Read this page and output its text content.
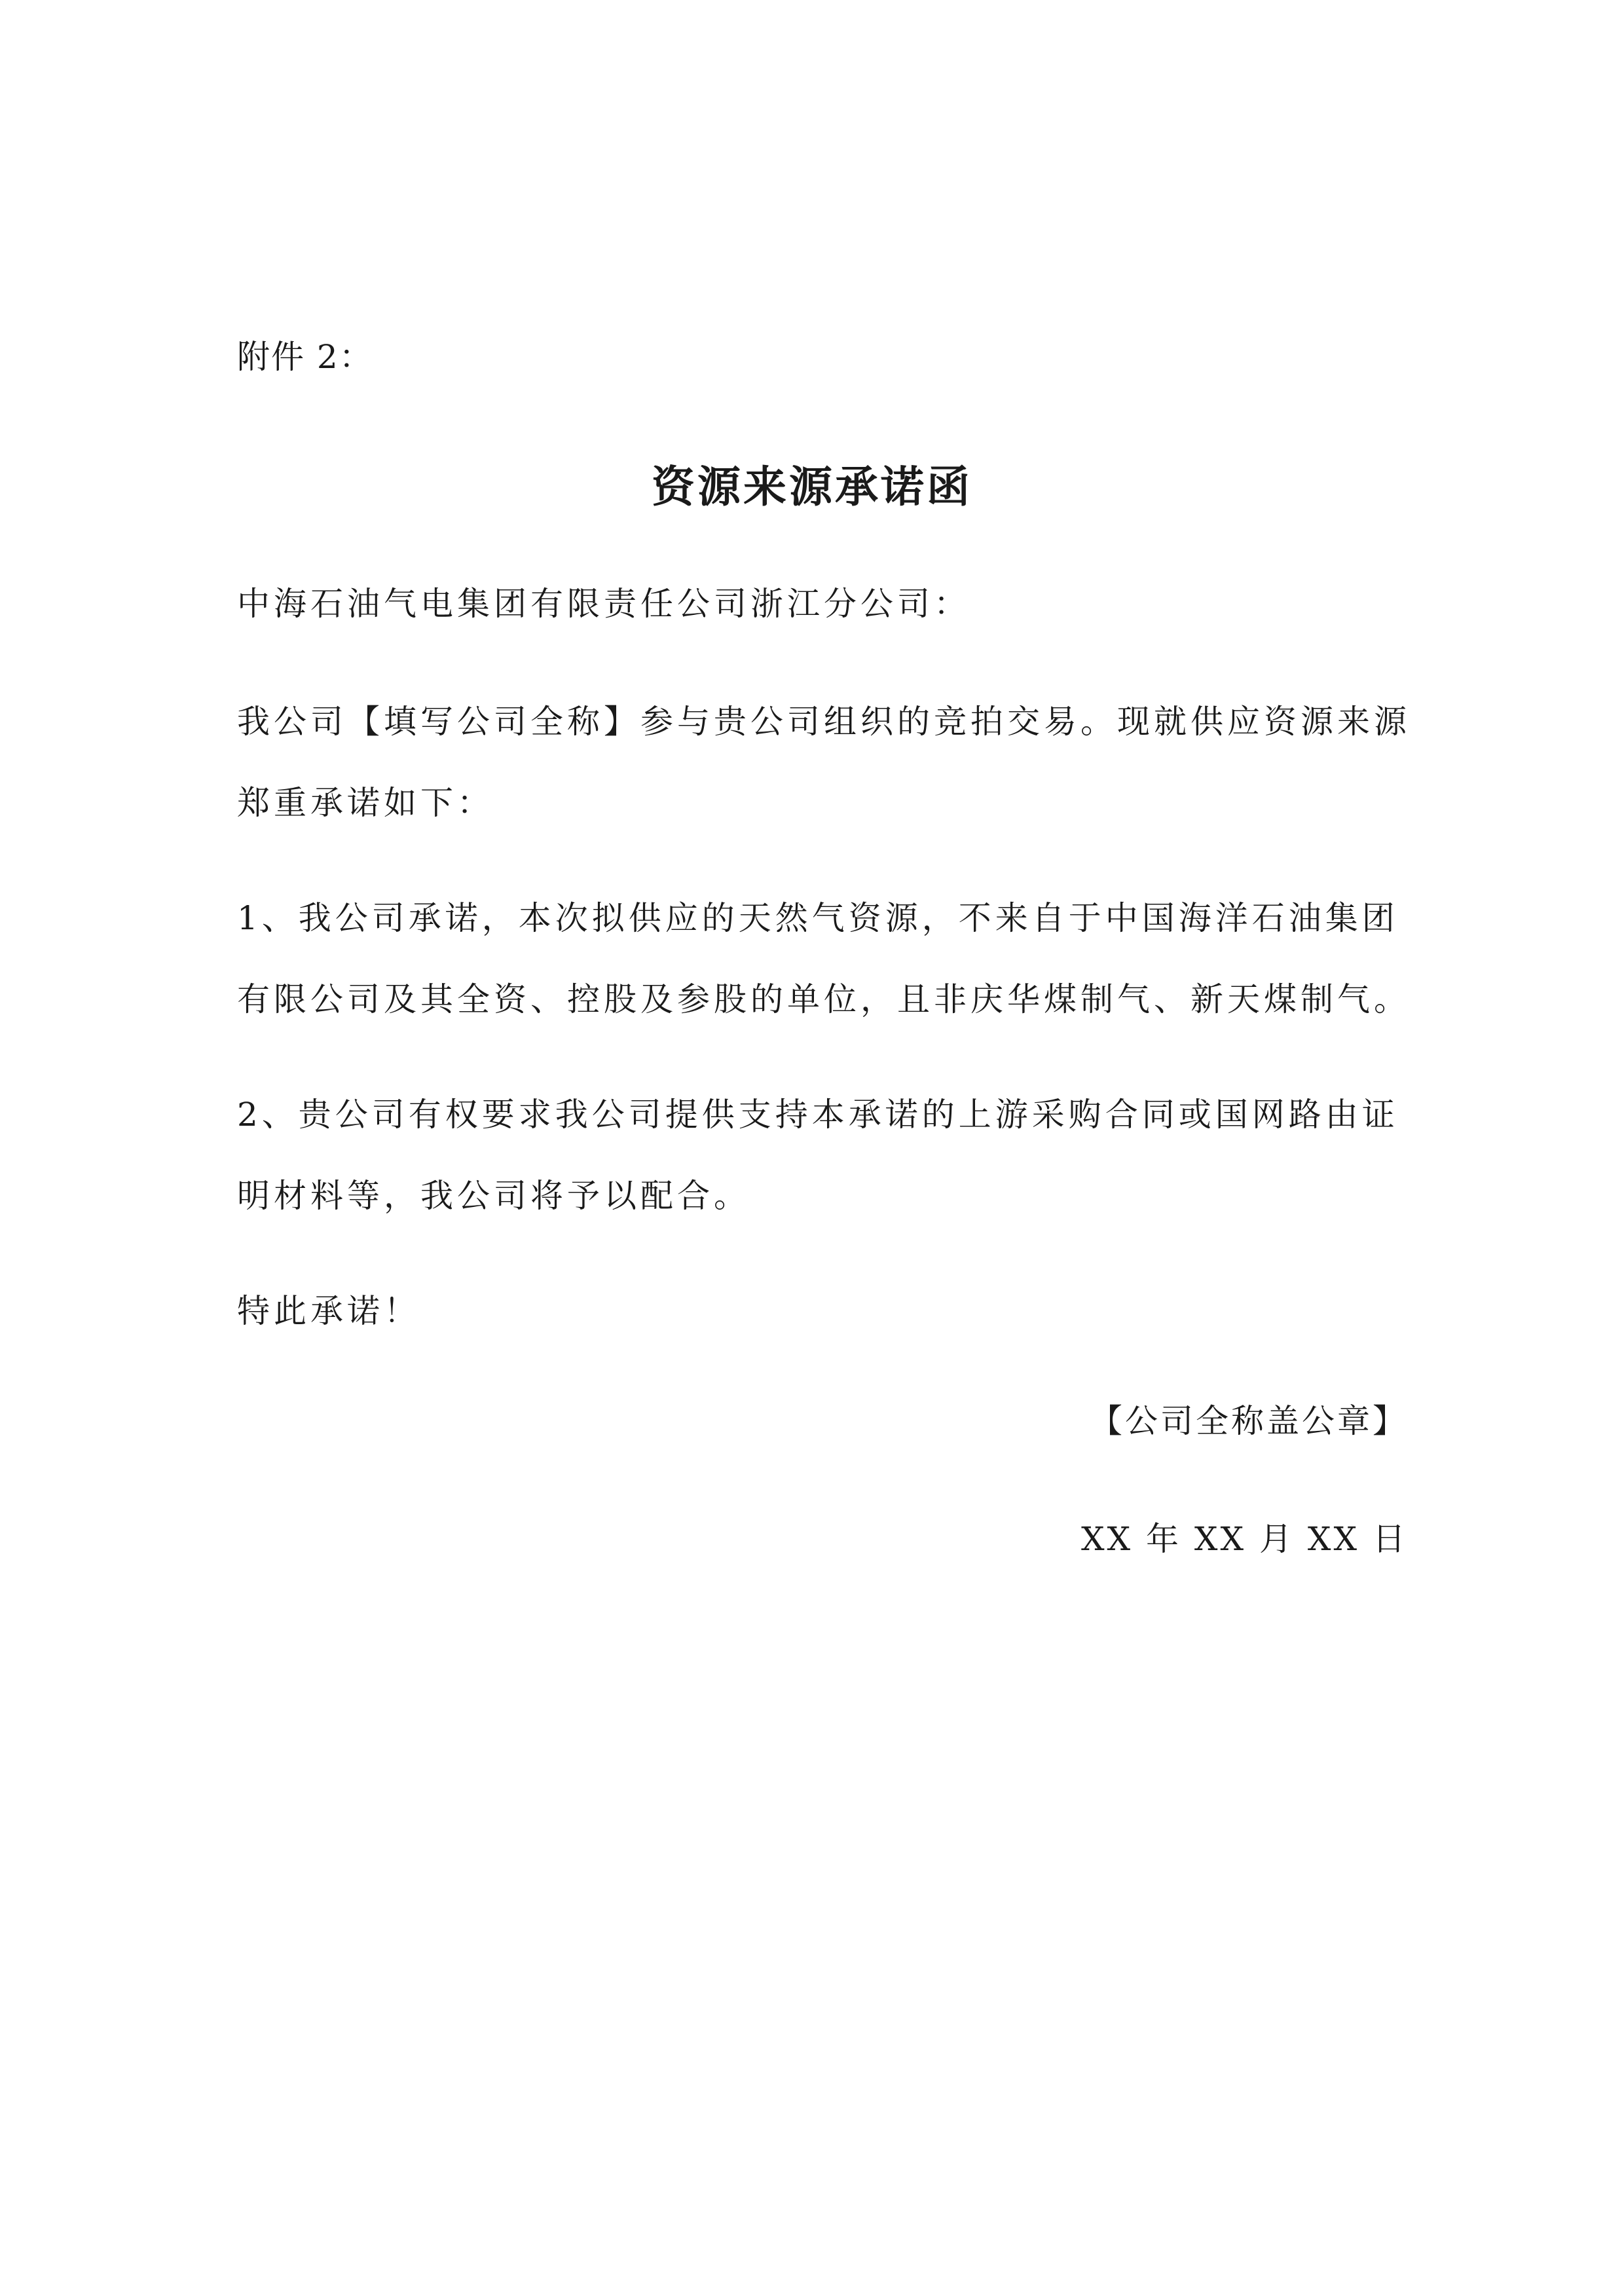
附件 2：
资源来源承诺函

中海石油气电集团有限责任公司浙江分公司：

我公司【填写公司全称】参与贵公司组织的竞拍交易。现就供应资源来源郑重承诺如下：

1、我公司承诺，本次拟供应的天然气资源，不来自于中国海洋石油集团有限公司及其全资、控股及参股的单位，且非庆华煤制气、新天煤制气。

2、贵公司有权要求我公司提供支持本承诺的上游采购合同或国网路由证明材料等，我公司将予以配合。

特此承诺！

【公司全称盖公章】
XX 年 XX 月 XX 日
